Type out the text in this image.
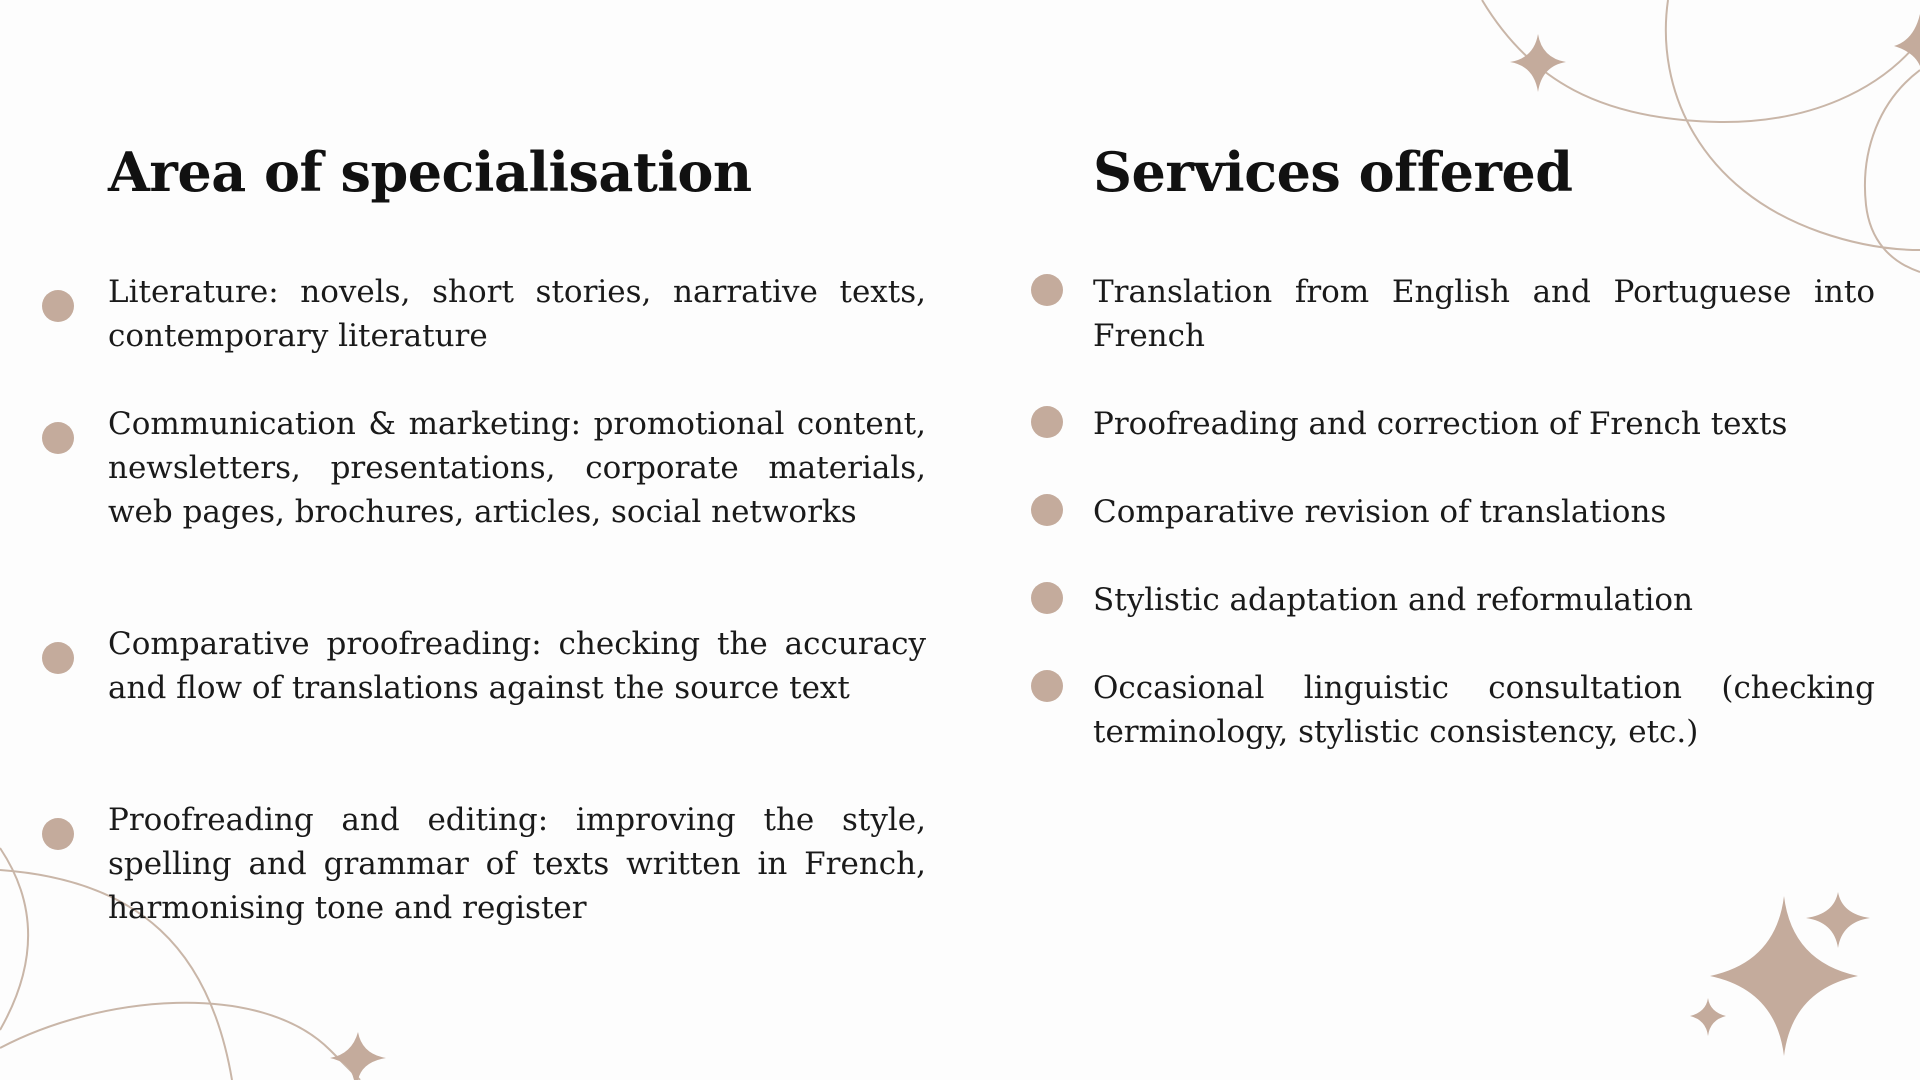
Area of specialisation	Services offered
Literature: novels, short stories, narrative texts, contemporary literature
Communication & marketing: promotional content, newsletters, presentations, corporate materials, web pages, brochures, articles, social networks
Comparative proofreading: checking the accuracy and flow of translations against the source text
Proofreading and editing: improving the style, spelling and grammar of texts written in French, harmonising tone and register
Translation from English and Portuguese into French
Proofreading and correction of French texts
Comparative revision of translations
Stylistic adaptation and reformulation
Occasional linguistic consultation (checking terminology, stylistic consistency, etc.)
